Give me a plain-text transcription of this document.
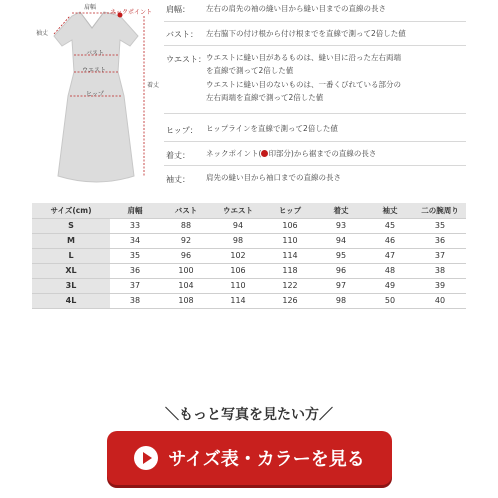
肩幅
ネックポイント
袖丈
バスト
ウエスト
ヒップ
着丈
肩幅： 左右の肩先の袖の縫い目から縫い目までの直線の長さ
バスト： 左右脇下の付け根から付け根までを直線で測って2倍した値
ウエスト： ウエストに縫い目があるものは、縫い目に沿った左右両端
を直線で測って2倍した値
ウエストに縫い目のないものは、一番くびれている部分の
左右両端を直線で測って2倍した値
ヒップ： ヒップラインを直線で測って2倍した値
着丈： ネックポイント( 印部分)から裾までの直線の長さ
袖丈： 肩先の縫い目から袖口までの直線の長さ
サイズ(cm)	肩幅	バスト	ウエスト	ヒップ	着丈	袖丈	二の腕周り
S	33	88	94	106	93	45	35
M	34	92	98	110	94	46	36
L	35	96	102	114	95	47	37
XL	36	100	106	118	96	48	38
3L	37	104	110	122	97	49	39
4L	38	108	114	126	98	50	40
＼もっと写真を見たい方／
サイズ表・カラーを見る
